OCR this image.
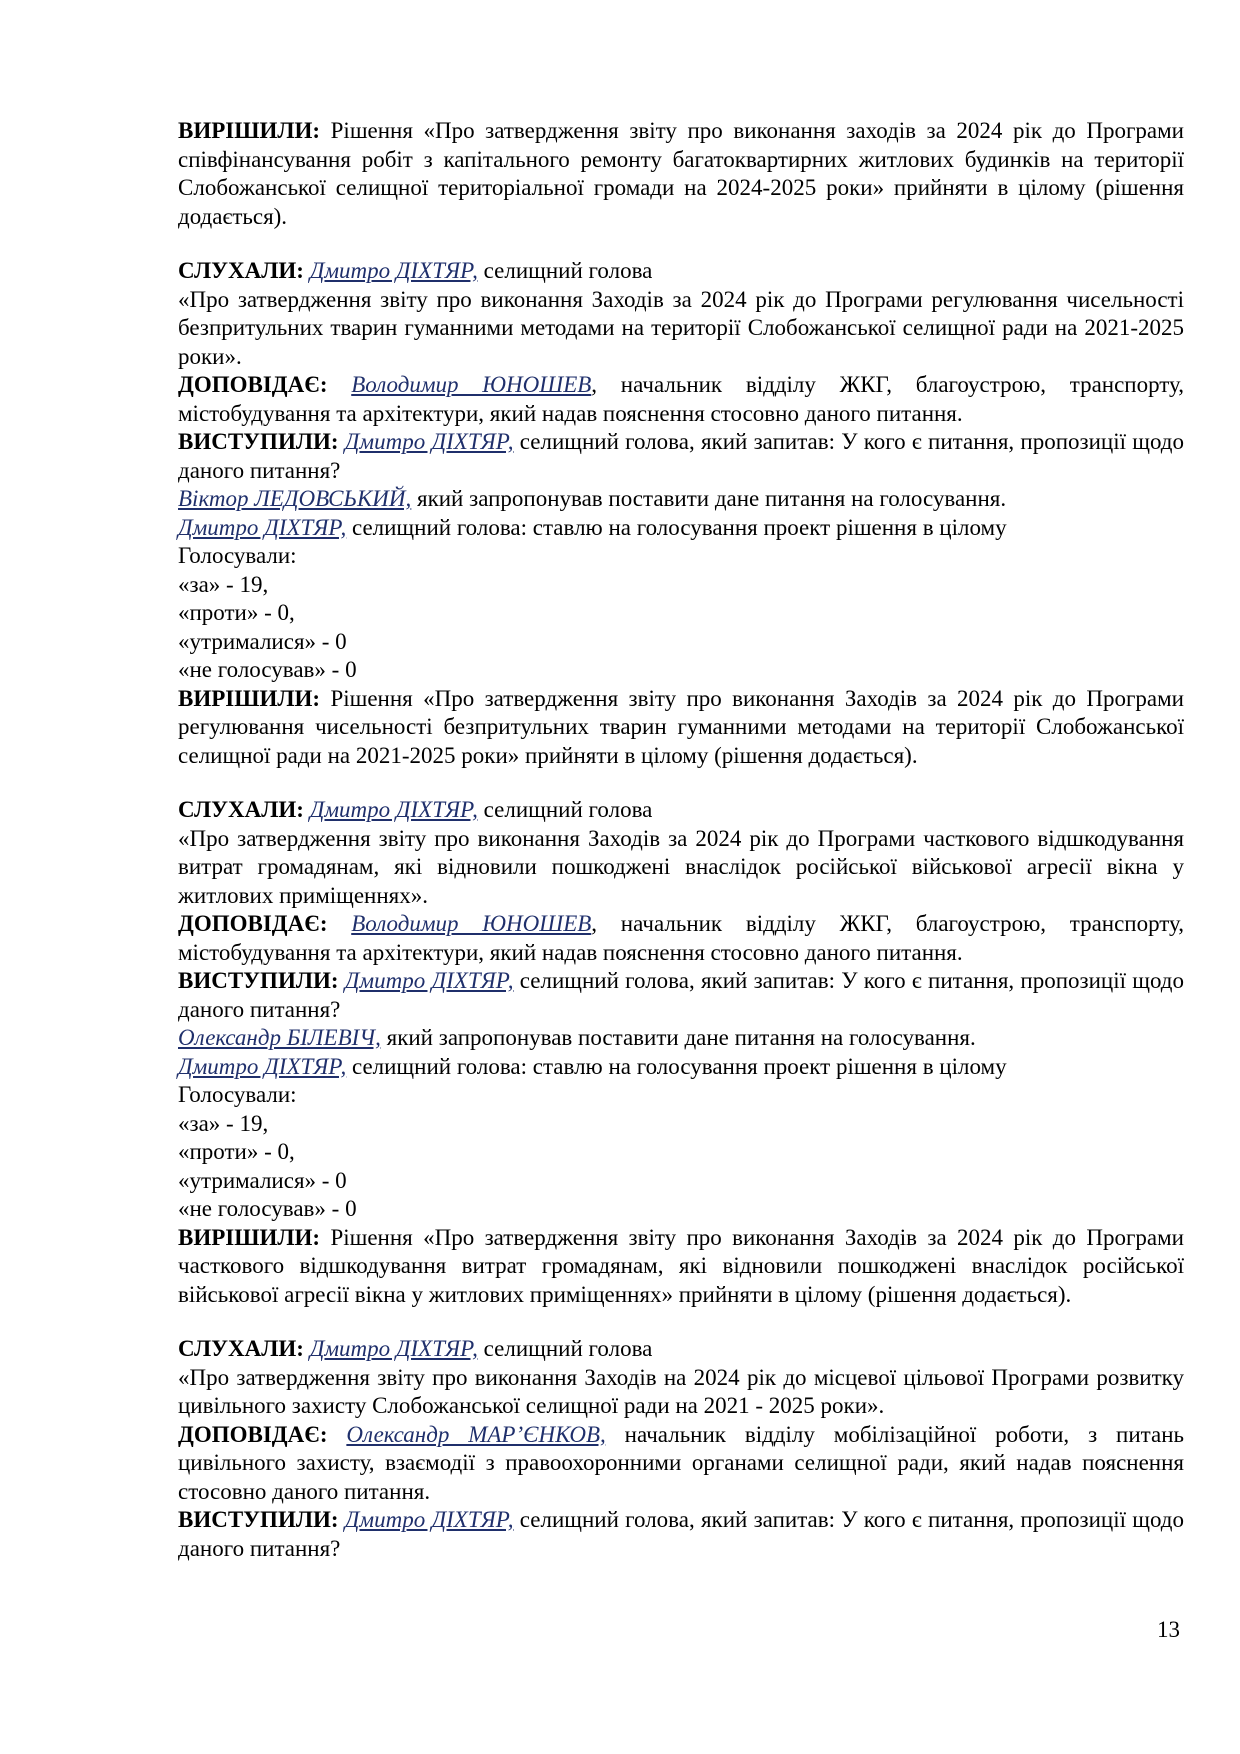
ВИРІШИЛИ: Рішення «Про затвердження звіту про виконання заходів за 2024 рік до Програми співфінансування робіт з капітального ремонту багатоквартирних житлових будинків на території Слобожанської селищної територіальної громади на 2024-2025 роки» прийняти в цілому (рішення додається).

СЛУХАЛИ: Дмитро ДІХТЯР, селищний голова

«Про затвердження звіту про виконання Заходів за 2024 рік до Програми регулювання чисельності безпритульних тварин гуманними методами на території Слобожанської селищної ради на 2021-2025 роки».

ДОПОВІДАЄ: Володимир ЮНОШЕВ, начальник відділу ЖКГ, благоустрою, транспорту, містобудування та архітектури, який надав пояснення стосовно даного питання.

ВИСТУПИЛИ: Дмитро ДІХТЯР, селищний голова, який запитав: У кого є питання, пропозиції щодо даного питання?

Віктор ЛЕДОВСЬКИЙ, який запропонував поставити дане питання на голосування.

Дмитро ДІХТЯР, селищний голова: ставлю на голосування проект рішення в цілому

Голосували:

«за» - 19,

«проти» - 0,

«утрималися» - 0

«не голосував» - 0

ВИРІШИЛИ: Рішення «Про затвердження звіту про виконання Заходів за 2024 рік до Програми регулювання чисельності безпритульних тварин гуманними методами на території Слобожанської селищної ради на 2021-2025 роки» прийняти в цілому (рішення додається).

СЛУХАЛИ: Дмитро ДІХТЯР, селищний голова

«Про затвердження звіту про виконання Заходів за 2024 рік до Програми часткового відшкодування витрат громадянам, які відновили пошкоджені внаслідок російської військової агресії вікна у житлових приміщеннях».

ДОПОВІДАЄ: Володимир ЮНОШЕВ, начальник відділу ЖКГ, благоустрою, транспорту, містобудування та архітектури, який надав пояснення стосовно даного питання.

ВИСТУПИЛИ: Дмитро ДІХТЯР, селищний голова, який запитав: У кого є питання, пропозиції щодо даного питання?

Олександр БІЛЕВІЧ, який запропонував поставити дане питання на голосування.

Дмитро ДІХТЯР, селищний голова: ставлю на голосування проект рішення в цілому

Голосували:

«за» - 19,

«проти» - 0,

«утрималися» - 0

«не голосував» - 0

ВИРІШИЛИ: Рішення «Про затвердження звіту про виконання Заходів за 2024 рік до Програми часткового відшкодування витрат громадянам, які відновили пошкоджені внаслідок російської військової агресії вікна у житлових приміщеннях» прийняти в цілому (рішення додається).

СЛУХАЛИ: Дмитро ДІХТЯР, селищний голова

«Про затвердження звіту про виконання Заходів на 2024 рік до місцевої цільової Програми розвитку цивільного захисту Слобожанської селищної ради на 2021 - 2025 роки».

ДОПОВІДАЄ: Олександр МАР’ЄНКОВ, начальник відділу мобілізаційної роботи, з питань цивільного захисту, взаємодії з правоохоронними органами селищної ради, який надав пояснення стосовно даного питання.

ВИСТУПИЛИ: Дмитро ДІХТЯР, селищний голова, який запитав: У кого є питання, пропозиції щодо даного питання?

13
